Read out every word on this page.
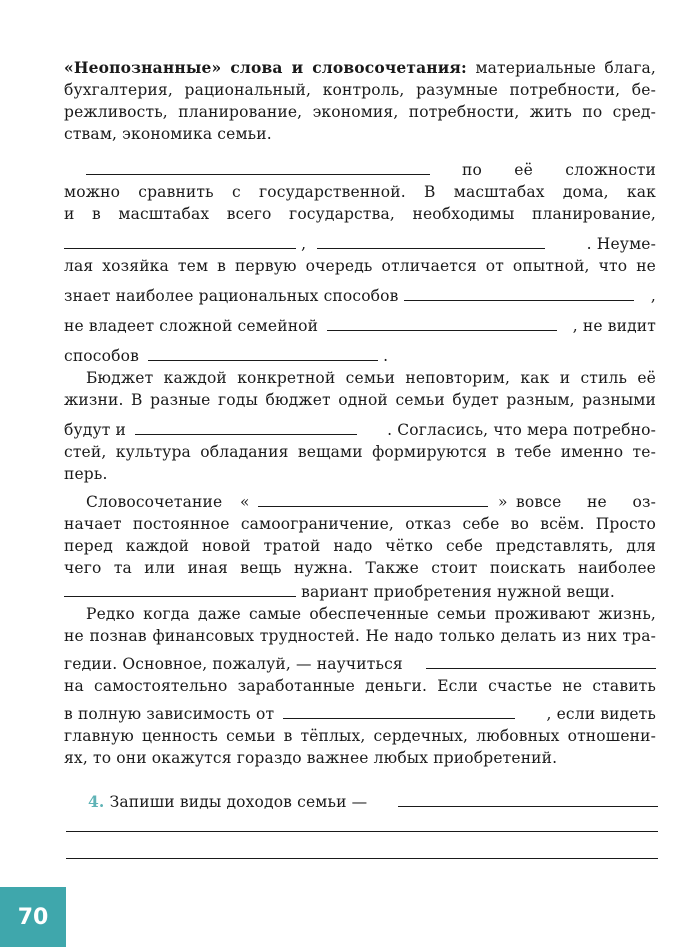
«Неопознанные» слова и словосочетания: материальные блага,
бухгалтерия, рациональный, контроль, разумные потребности, бе-
режливость, планирование, экономия, потребности, жить по сред-
ствам, экономика семьи.
по её сложности
можно сравнить с государственной. В масштабах дома, как
и в масштабах всего государства, необходимы планирование,
,	. Неуме-
лая хозяйка тем в первую очередь отличается от опытной, что не
знает наиболее рациональных способов	,
не владеет сложной семейной	, не видит
способов	.
Бюджет каждой конкретной семьи неповторим, как и стиль её
жизни. В разные годы бюджет одной семьи будет разным, разными
будут и	. Согласись, что мера потребно-
стей, культура обладания вещами формируются в тебе именно те-
перь.
Словосочетание «	» вовсе не оз-
начает постоянное самоограничение, отказ себе во всём. Просто
перед каждой новой тратой надо чётко себе представлять, для
чего та или иная вещь нужна. Также стоит поискать наиболее
вариант приобретения нужной вещи.
Редко когда даже самые обеспеченные семьи проживают жизнь,
не познав финансовых трудностей. Не надо только делать из них тра-
гедии. Основное, пожалуй, — научиться
на самостоятельно заработанные деньги. Если счастье не ставить
в полную зависимость от	, если видеть
главную ценность семьи в тёплых, сердечных, любовных отношени-
ях, то они окажутся гораздо важнее любых приобретений.
4. Запиши виды доходов семьи —
70
